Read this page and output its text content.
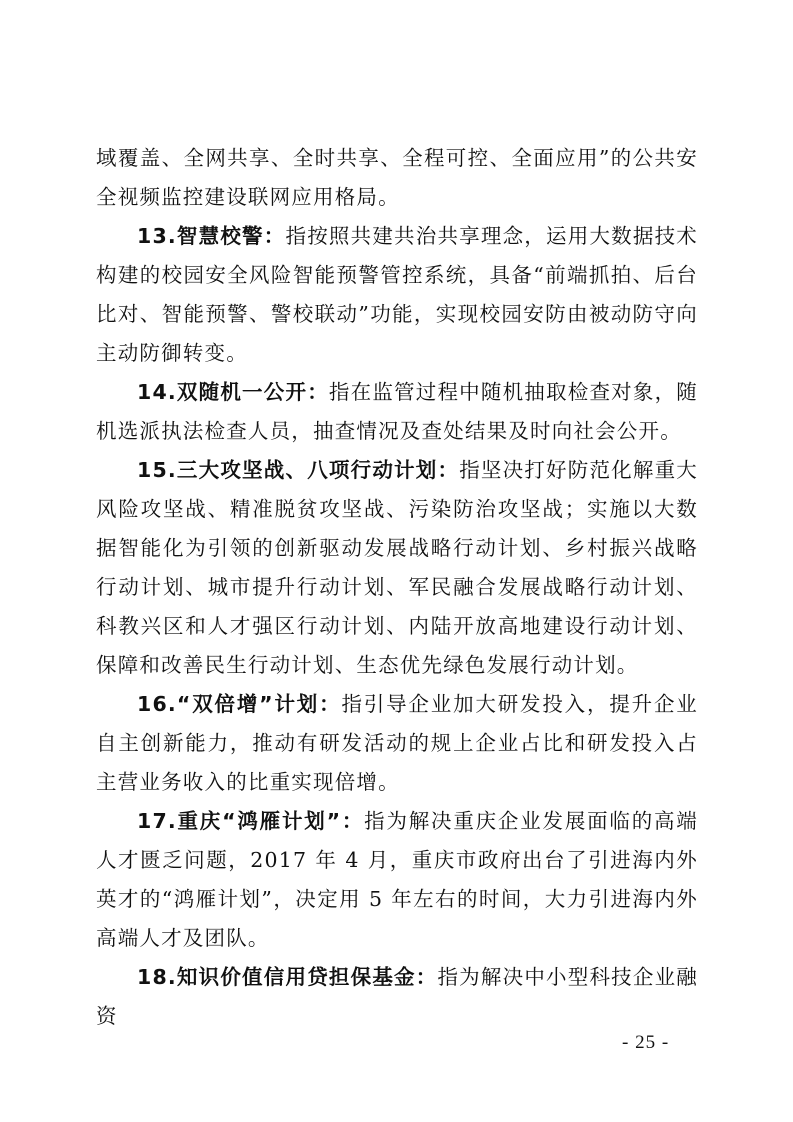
域覆盖、全网共享、全时共享、全程可控、全面应用”的公共安全视频监控建设联网应用格局。

13.智慧校警：指按照共建共治共享理念，运用大数据技术构建的校园安全风险智能预警管控系统，具备“前端抓拍、后台比对、智能预警、警校联动”功能，实现校园安防由被动防守向主动防御转变。

14.双随机一公开：指在监管过程中随机抽取检查对象，随机选派执法检查人员，抽查情况及查处结果及时向社会公开。

15.三大攻坚战、八项行动计划：指坚决打好防范化解重大风险攻坚战、精准脱贫攻坚战、污染防治攻坚战；实施以大数据智能化为引领的创新驱动发展战略行动计划、乡村振兴战略行动计划、城市提升行动计划、军民融合发展战略行动计划、科教兴区和人才强区行动计划、内陆开放高地建设行动计划、保障和改善民生行动计划、生态优先绿色发展行动计划。

16.“双倍增”计划：指引导企业加大研发投入，提升企业自主创新能力，推动有研发活动的规上企业占比和研发投入占主营业务收入的比重实现倍增。

17.重庆“鸿雁计划”：指为解决重庆企业发展面临的高端人才匮乏问题，2017 年 4 月，重庆市政府出台了引进海内外英才的“鸿雁计划”，决定用 5 年左右的时间，大力引进海内外高端人才及团队。

18.知识价值信用贷担保基金：指为解决中小型科技企业融资

- 25 -
